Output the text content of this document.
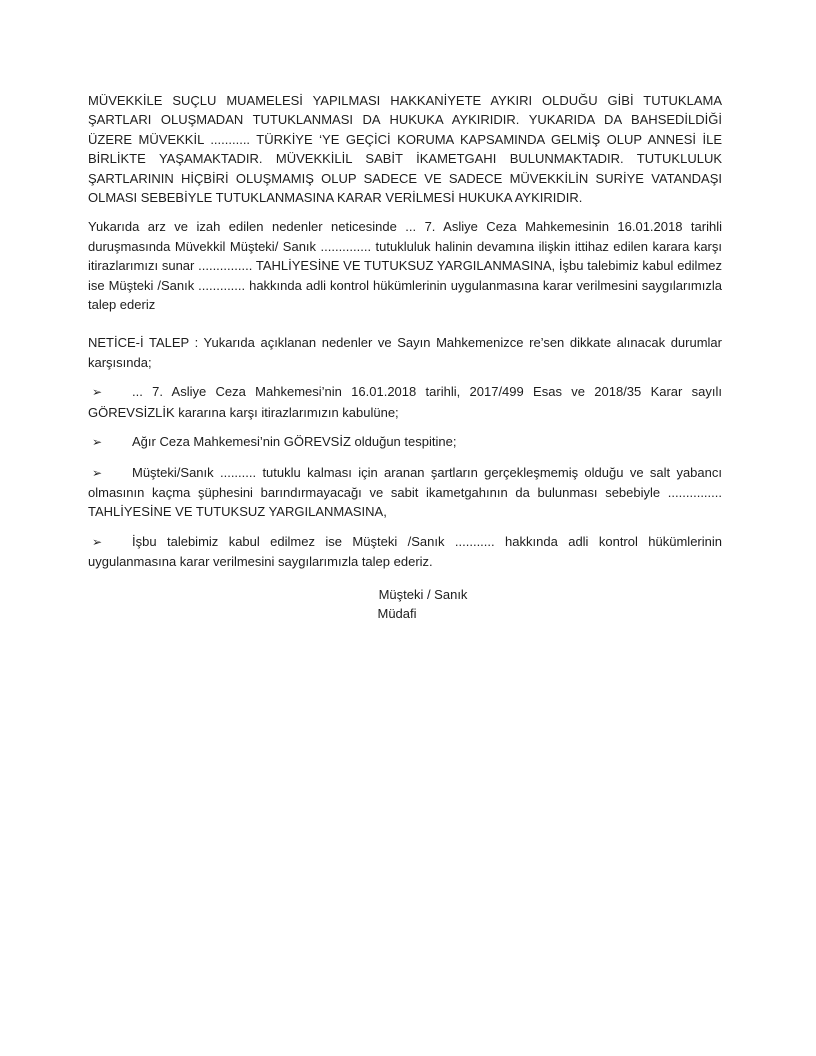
MÜVEKKİLE SUÇLU MUAMELESİ YAPILMASI HAKKANİYETE AYKIRI OLDUĞU GİBİ TUTUKLAMA ŞARTLARI OLUŞMADAN TUTUKLANMASI DA HUKUKA AYKIRIDIR. YUKARIDA DA BAHSEDİLDİĞİ ÜZERE MÜVEKKİL ........... TÜRKİYE ‘YE GEÇİCİ KORUMA KAPSAMINDA GELMİŞ OLUP ANNESİ İLE BİRLİKTE YAŞAMAKTADIR. MÜVEKKİLİL SABİT İKAMETGAHI BULUNMAKTADIR. TUTUKLULUK ŞARTLARININ HİÇBİRİ OLUŞMAMIŞ OLUP SADECE VE SADECE MÜVEKKİLİN SURİYE VATANDAŞI OLMASI SEBEBİYLE TUTUKLANMASINA KARAR VERİLMESİ HUKUKA AYKIRIDIR.

Yukarıda arz ve izah edilen nedenler neticesinde ... 7. Asliye Ceza Mahkemesinin 16.01.2018 tarihli duruşmasında Müvekkil Müşteki/ Sanık .............. tutukluluk halinin devamına ilişkin ittihaz edilen karara karşı itirazlarımızı sunar ............... TAHLİYESİNE VE TUTUKSUZ YARGILANMASINA, İşbu talebimiz kabul edilmez ise Müşteki /Sanık ............. hakkında adli kontrol hükümlerinin uygulanmasına karar verilmesini saygılarımızla talep ederiz

NETİCE-İ TALEP : Yukarıda açıklanan nedenler ve Sayın Mahkemenizce re’sen dikkate alınacak durumlar karşısında;

➢ ... 7. Asliye Ceza Mahkemesi’nin 16.01.2018 tarihli, 2017/499 Esas ve 2018/35 Karar sayılı GÖREVSİZLİK kararına karşı itirazlarımızın kabulüne;

➢ Ağır Ceza Mahkemesi’nin GÖREVSİZ olduğun tespitine;

➢ Müşteki/Sanık .......... tutuklu kalması için aranan şartların gerçekleşmemiş olduğu ve salt yabancı olmasının kaçma şüphesini barındırmayacağı ve sabit ikametgahının da bulunması sebebiyle ............... TAHLİYESİNE VE TUTUKSUZ YARGILANMASINA,

➢ İşbu talebimiz kabul edilmez ise Müşteki /Sanık ........... hakkında adli kontrol hükümlerinin uygulanmasına karar verilmesini saygılarımızla talep ederiz.

Müşteki / Sanık
Müdafi
